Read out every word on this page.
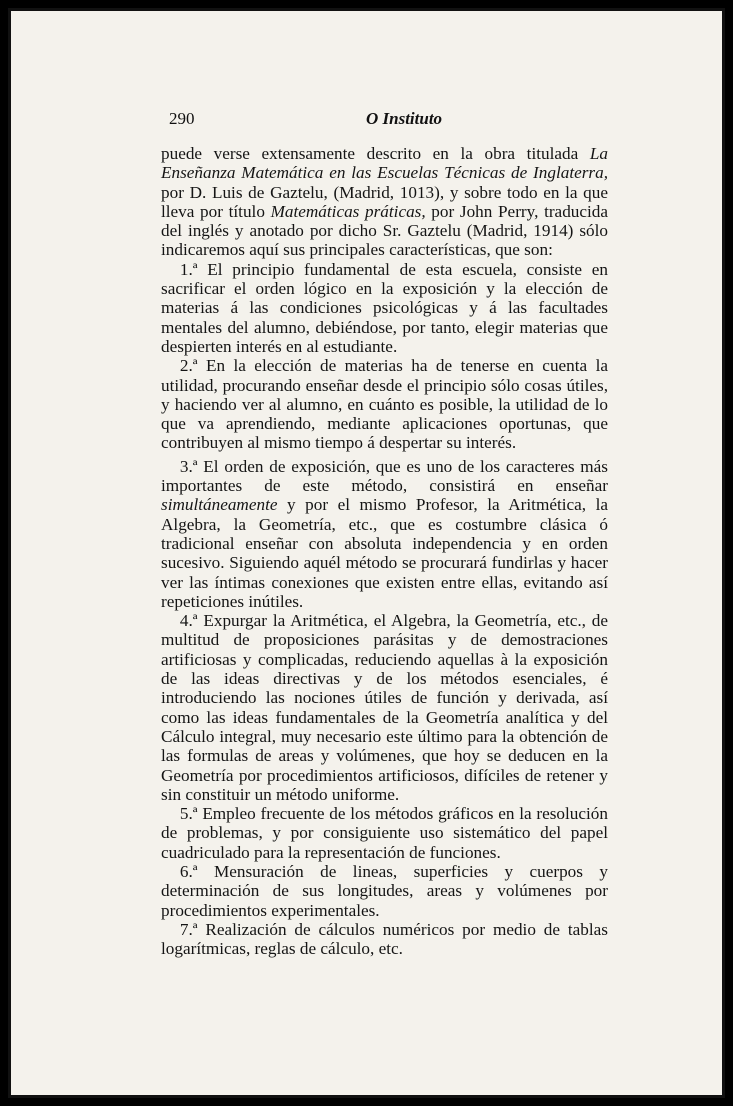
290	O Instituto

puede verse extensamente descrito en la obra titulada La Enseñanza Matemática en las Escuelas Técnicas de Inglaterra, por D. Luis de Gaztelu, (Madrid, 1013), y sobre todo en la que lleva por título Matemáticas práticas, por John Perry, traducida del inglés y anotado por dicho Sr. Gaztelu (Madrid, 1914) sólo indicaremos aquí sus principales características, que son:

1.ª El principio fundamental de esta escuela, consiste en sacrificar el orden lógico en la exposición y la elección de materias á las condiciones psicológicas y á las facultades mentales del alumno, debiéndose, por tanto, elegir materias que despierten interés en al estudiante.

2.ª En la elección de materias ha de tenerse en cuenta la utilidad, procurando enseñar desde el principio sólo cosas útiles, y haciendo ver al alumno, en cuánto es posible, la utilidad de lo que va aprendiendo, mediante aplicaciones oportunas, que contribuyen al mismo tiempo á despertar su interés.

3.ª El orden de exposición, que es uno de los caracteres más importantes de este método, consistirá en enseñar simultáneamente y por el mismo Profesor, la Aritmética, la Algebra, la Geometría, etc., que es costumbre clásica ó tradicional enseñar con absoluta independencia y en orden sucesivo. Siguiendo aquél método se procurará fundirlas y hacer ver las íntimas conexiones que existen entre ellas, evitando así repeticiones inútiles.

4.ª Expurgar la Aritmética, el Algebra, la Geometría, etc., de multitud de proposiciones parásitas y de demostraciones artificiosas y complicadas, reduciendo aquellas à la exposición de las ideas directivas y de los métodos esenciales, é introduciendo las nociones útiles de función y derivada, así como las ideas fundamentales de la Geometría analítica y del Cálculo integral, muy necesario este último para la obtención de las formulas de areas y volúmenes, que hoy se deducen en la Geometría por procedimientos artificiosos, difíciles de retener y sin constituir un método uniforme.

5.ª Empleo frecuente de los métodos gráficos en la resolución de problemas, y por consiguiente uso sistemático del papel cuadriculado para la representación de funciones.

6.ª Mensuración de lineas, superficies y cuerpos y determinación de sus longitudes, areas y volúmenes por procedimientos experimentales.

7.ª Realización de cálculos numéricos por medio de tablas logarítmicas, reglas de cálculo, etc.
